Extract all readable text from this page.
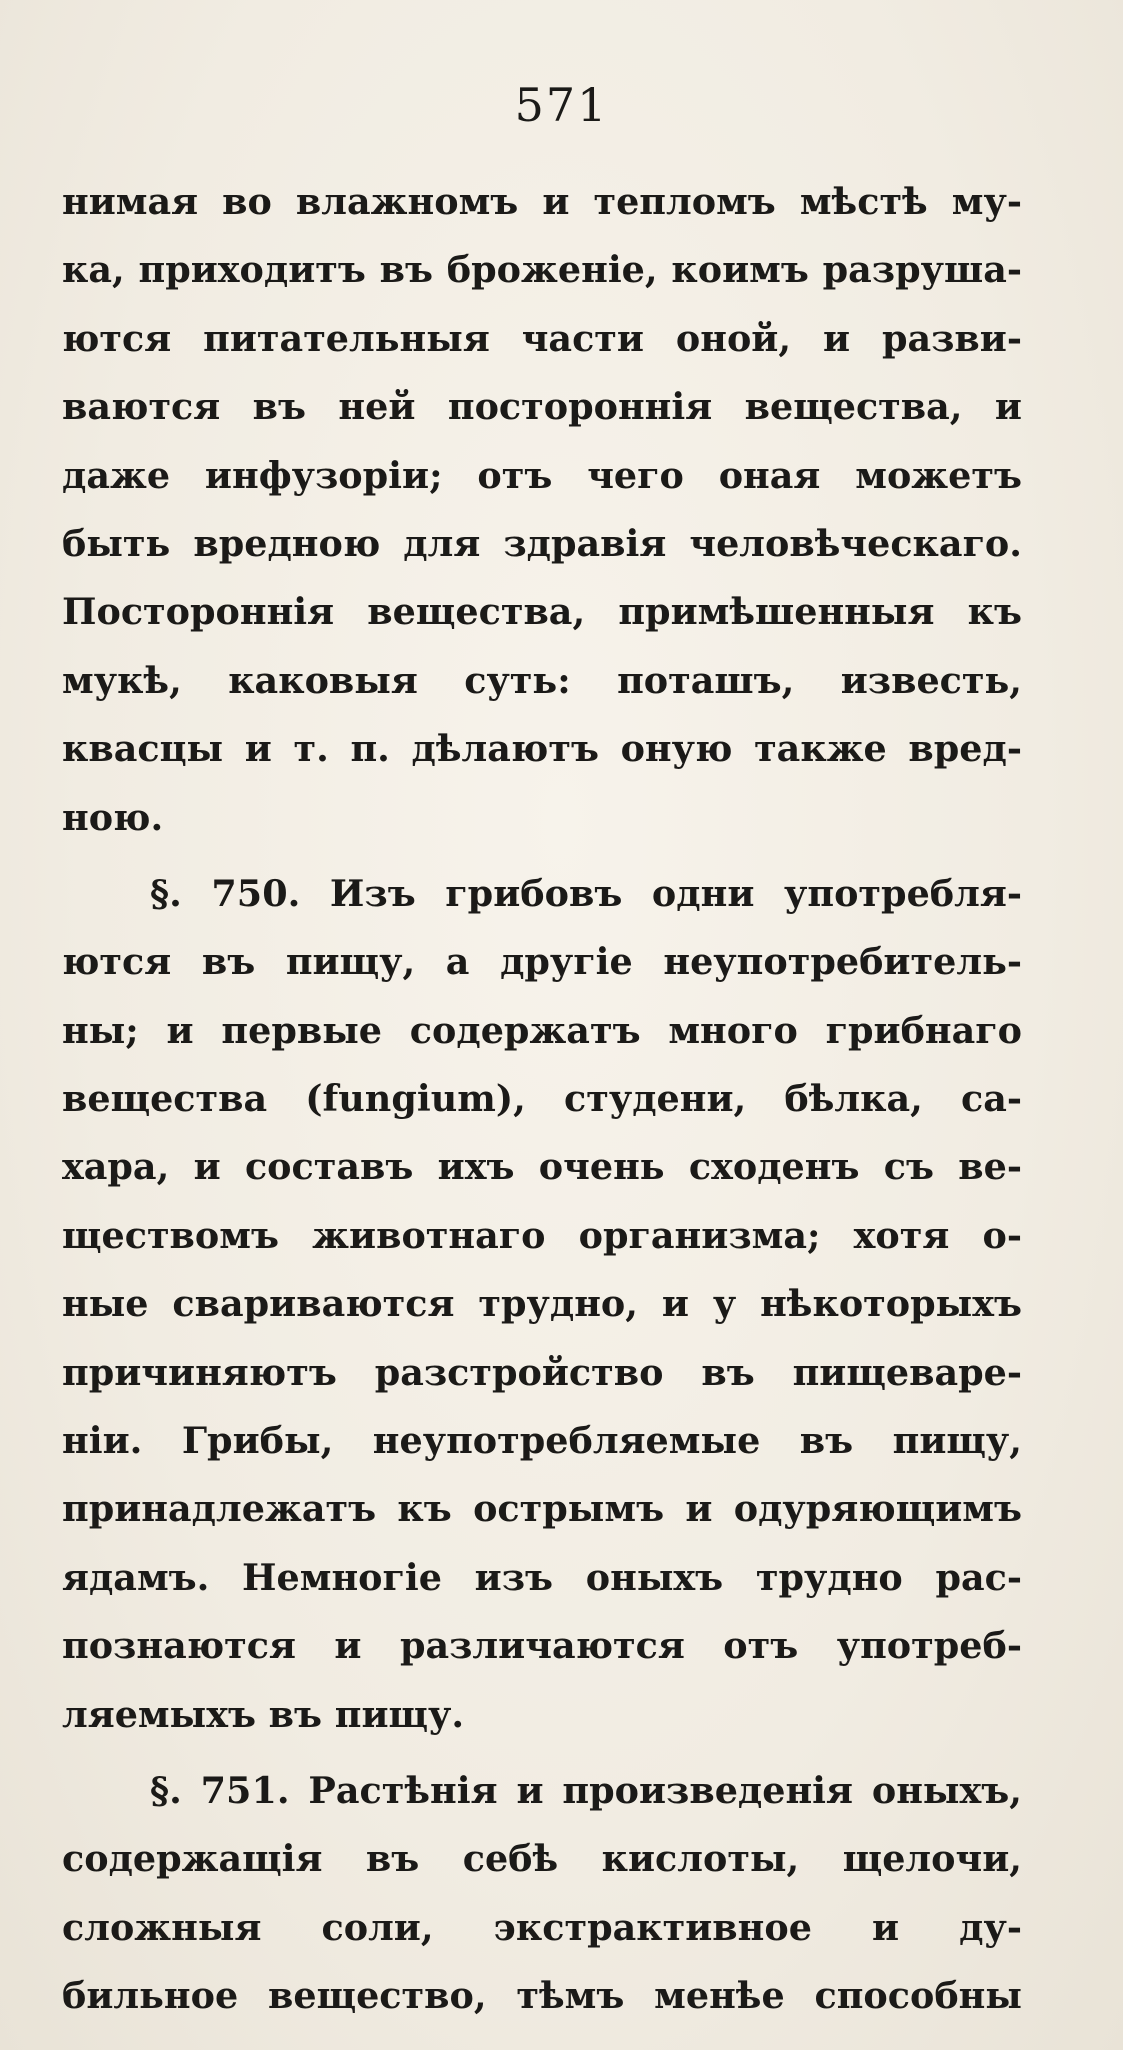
571
нимая во влажномъ и тепломъ мѣстѣ му-
ка, приходитъ въ броженіе, коимъ разруша-
ются питательныя части оной, и разви-
ваются въ ней постороннія вещества, и
даже инфузоріи; отъ чего оная можетъ
быть вредною для здравія человѣческаго.
Постороннія вещества, примѣшенныя къ
мукѣ, каковыя суть: поташъ, известь,
квасцы и т. п. дѣлаютъ оную также вред-
ною.
§. 750. Изъ грибовъ одни употребля-
ются въ пищу, а другіе неупотребитель-
ны; и первые содержатъ много грибнаго
вещества (fungium), студени, бѣлка, са-
хара, и составъ ихъ очень сходенъ съ ве-
ществомъ животнаго организма; хотя о-
ные свариваются трудно, и у нѣкоторыхъ
причиняютъ разстройство въ пищеваре-
ніи. Грибы, неупотребляемые въ пищу,
принадлежатъ къ острымъ и одуряющимъ
ядамъ. Немногіе изъ оныхъ трудно рас-
познаются и различаются отъ употреб-
ляемыхъ въ пищу.
§. 751. Растѣнія и произведенія оныхъ,
содержащія въ себѣ кислоты, щелочи,
сложныя соли, экстрактивное и ду-
бильное вещество, тѣмъ менѣе способны
